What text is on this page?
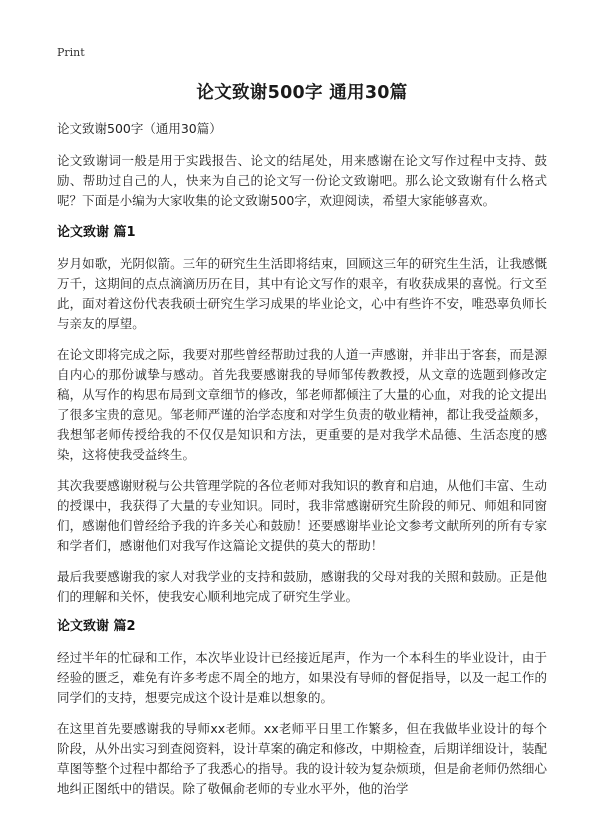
Print
论文致谢500字 通用30篇
论文致谢500字（通用30篇）
论文致谢词一般是用于实践报告、论文的结尾处，用来感谢在论文写作过程中支持、鼓励、帮助过自己的人，快来为自己的论文写一份论文致谢吧。那么论文致谢有什么格式呢？下面是小编为大家收集的论文致谢500字，欢迎阅读，希望大家能够喜欢。
论文致谢 篇1
岁月如歌，光阴似箭。三年的研究生生活即将结束，回顾这三年的研究生生活，让我感慨万千，这期间的点点滴滴历历在目，其中有论文写作的艰辛，有收获成果的喜悦。行文至此，面对着这份代表我硕士研究生学习成果的毕业论文，心中有些许不安，唯恐辜负师长与亲友的厚望。
在论文即将完成之际，我要对那些曾经帮助过我的人道一声感谢，并非出于客套，而是源自内心的那份诚挚与感动。首先我要感谢我的导师邹传教教授，从文章的选题到修改定稿，从写作的构思布局到文章细节的修改，邹老师都倾注了大量的心血，对我的论文提出了很多宝贵的意见。邹老师严谨的治学态度和对学生负责的敬业精神，都让我受益颇多，我想邹老师传授给我的不仅仅是知识和方法，更重要的是对我学术品德、生活态度的感染，这将使我受益终生。
其次我要感谢财税与公共管理学院的各位老师对我知识的教育和启迪，从他们丰富、生动的授课中，我获得了大量的专业知识。同时，我非常感谢研究生阶段的师兄、师姐和同窗们，感谢他们曾经给予我的许多关心和鼓励！还要感谢毕业论文参考文献所列的所有专家和学者们，感谢他们对我写作这篇论文提供的莫大的帮助！
最后我要感谢我的家人对我学业的支持和鼓励，感谢我的父母对我的关照和鼓励。正是他们的理解和关怀，使我安心顺利地完成了研究生学业。
论文致谢 篇2
经过半年的忙碌和工作，本次毕业设计已经接近尾声，作为一个本科生的毕业设计，由于经验的匮乏，难免有许多考虑不周全的地方，如果没有导师的督促指导，以及一起工作的同学们的支持，想要完成这个设计是难以想象的。
在这里首先要感谢我的导师xx老师。xx老师平日里工作繁多，但在我做毕业设计的每个阶段，从外出实习到查阅资料，设计草案的确定和修改，中期检查，后期详细设计，装配草图等整个过程中都给予了我悉心的指导。我的设计较为复杂烦琐，但是俞老师仍然细心地纠正图纸中的错误。除了敬佩俞老师的专业水平外，他的治学
